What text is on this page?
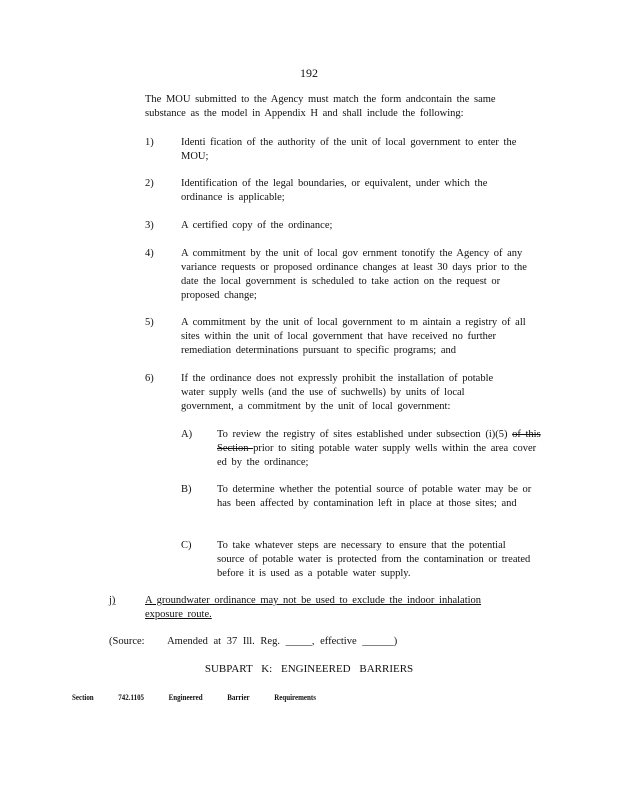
192
The MOU submitted to the Agency must match the form andcontain the same substance as the model in Appendix H and shall include the following:
1)	Identi fication of the authority of the unit of local government to enter the MOU;
2)	Identification of the legal boundaries, or equivalent, under which the ordinance is applicable;
3)	A certified copy of the ordinance;
4)	A commitment by the unit of local gov ernment tonotify the Agency of any variance requests or proposed ordinance changes at least 30 days prior to the date the local government is scheduled to take action on the request or proposed change;
5)	A commitment by the unit of local government to m aintain a registry of all sites within the unit of local government that have received no further remediation determinations pursuant to specific programs; and
6)	If the ordinance does not expressly prohibit the installation of potable water supply wells (and the use of suchwells) by units of local government, a commitment by the unit of local government:
A) To review the registry of sites established under subsection (i)(5) of this Section prior to siting potable water supply wells within the area cover ed by the ordinance;
B) To determine whether the potential source of potable water may be or has been affected by contamination left in place at those sites; and
C) To take whatever steps are necessary to ensure that the potential source of potable water is protected from the contamination or treated before it is used as a potable water supply.
j)	A groundwater ordinance may not be used to exclude the indoor inhalation exposure route.
(Source: Amended at 37 Ill. Reg. _____, effective ______)
SUBPART K: ENGINEERED BARRIERS
Section	742.1105	Engineered	Barrier	Requirements
